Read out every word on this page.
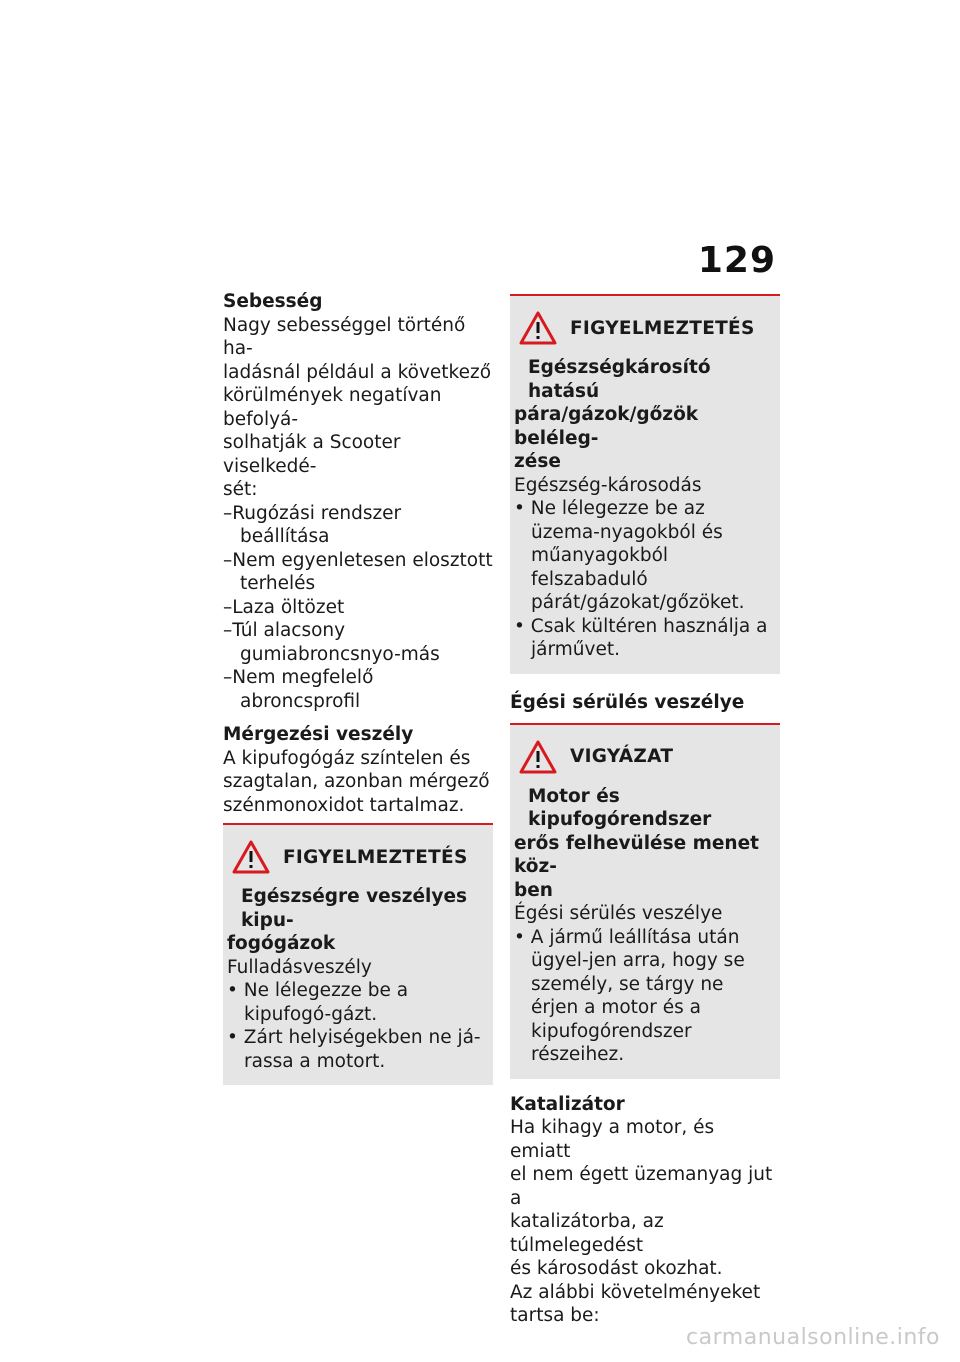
129

Sebesség

Nagy sebességgel történő ha-

ladásnál például a következő

körülmények negatívan befolyá-

solhatják a Scooter viselkedé-

sét:

–Rugózási rendszer beállítása
–Nem egyenletesen elosztott terhelés
–Laza öltözet
–Túl alacsony gumiabroncsnyo-más
–Nem megfelelő abroncsprofil

Mérgezési veszély

A kipufogógáz színtelen és

szagtalan, azonban mérgező

szénmonoxidot tartalmaz.

FIGYELMEZTETÉS

Egészségre veszélyes kipu-

fogógázok

Fulladásveszély

• Ne lélegezze be a kipufogó-gázt.
• Zárt helyiségekben ne já-rassa a motort.
FIGYELMEZTETÉS

Egészségkárosító hatású

pára/gázok/gőzök beléleg-

zése

Egészség-károsodás

• Ne lélegezze be az üzema-nyagokból és műanyagokból felszabaduló párát/gázokat/gőzöket.
• Csak kültéren használja a járművet.

Égési sérülés veszélye

VIGYÁZAT

Motor és kipufogórendszer

erős felhevülése menet köz-

ben

Égési sérülés veszélye

• A jármű leállítása után ügyel-jen arra, hogy se személy, se tárgy ne érjen a motor és a kipufogórendszer részeihez.

Katalizátor

Ha kihagy a motor, és emiatt

el nem égett üzemanyag jut a

katalizátorba, az túlmelegedést

és károsodást okozhat.

Az alábbi követelményeket

tartsa be:

carmanualsonline.info
